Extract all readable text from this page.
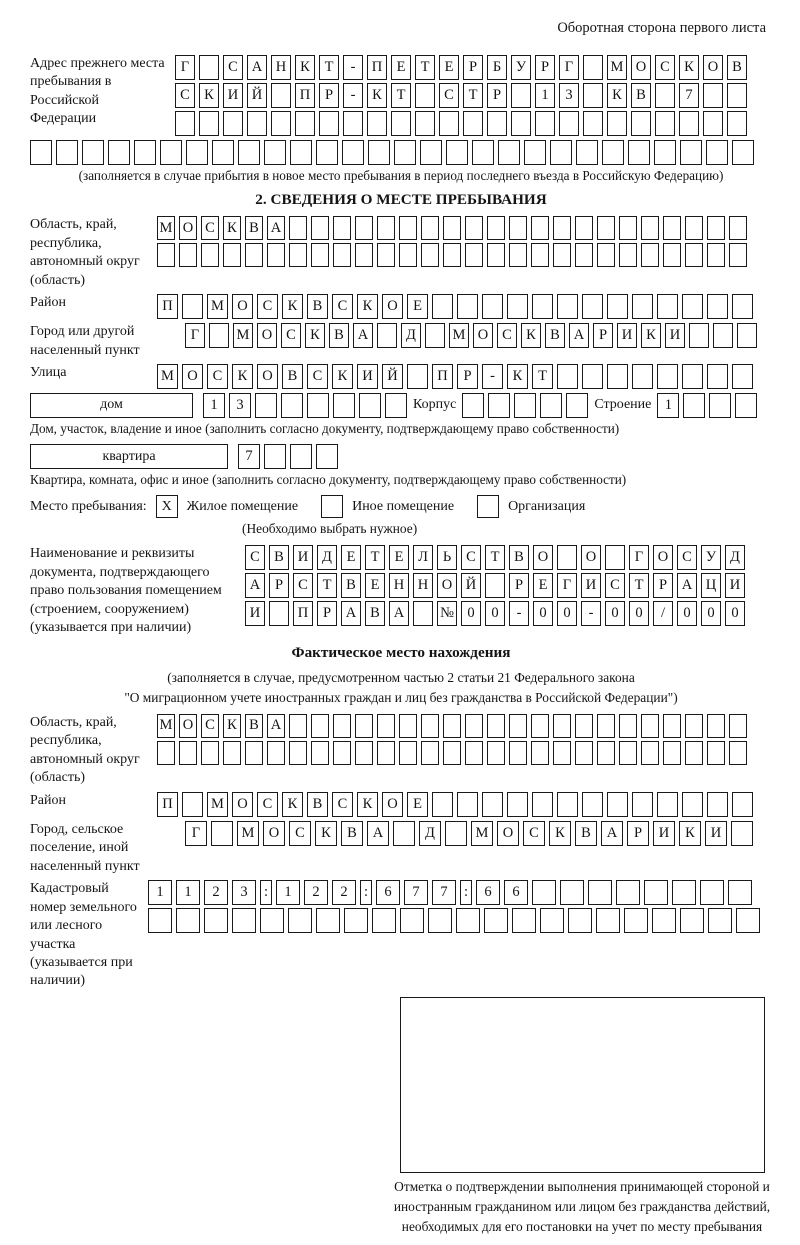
Оборотная сторона первого листа
Адрес прежнего места пребывания в Российской Федерации
Г	С А Н К	Т	-	П Е	Т	Е	Р	Б	У	Р	Г	М О С К О В
С К И Й	П	Р	-	К	Т	С	Т	Р	1	3	К В	7
(заполняется в случае прибытия в новое место пребывания в период последнего въезда в Российскую Федерацию)
2. СВЕДЕНИЯ О МЕСТЕ ПРЕБЫВАНИЯ
Область, край, республика, автономный округ (область)
М О С К В А
Район	П	М О	С	К	В	С	К	О	Е
Город или другой населенный пункт
Г	М О С К В А	Д	М О С К В А	Р	И К И
Улица	М О	С	К	О	В	С	К	И	Й	П	Р	-	К	Т
дом	1	3	Корпус	Строение 1
Дом, участок, владение и иное (заполнить согласно документу, подтверждающему право собственности)
квартира	7
Квартира, комната, офис и иное (заполнить согласно документу, подтверждающему право собственности)
Место пребывания:	X	Жилое помещение	Иное помещение	Организация
(Необходимо выбрать нужное)
Наименование и реквизиты документа, подтверждающего право пользования помещением (строением, сооружением) (указывается при наличии)
С В И Д	Е	Т	Е	Л	Ь	С	Т	В О	О	Г	О С У Д
А	Р	С	Т	В	Е Н Н О Й	Р	Е	Г	И С	Т	Р	А Ц И
И	П	Р	А В А	№ 0	0	-	0	0	-	0	0	/	0	0	0
Фактическое место нахождения
(заполняется в случае, предусмотренном частью 2 статьи 21 Федерального закона
"О миграционном учете иностранных граждан и лиц без гражданства в Российской Федерации")
Область, край, республика, автономный округ (область)
М О С К В А
Район	П	М О	С	К	В	С	К	О	Е
Город, сельское поселение, иной населенный пункт
Г	М О	С	К	В	А	Д	М О	С	К	В	А	Р	И	К	И
Кадастровый номер земельного или лесного участка (указывается при наличии)
1	1	2	3	:	1	2	2	:	6	7	7	:	6	6
Отметка о подтверждении выполнения принимающей стороной и иностранным гражданином или лицом без гражданства действий, необходимых для его постановки на учет по месту пребывания
